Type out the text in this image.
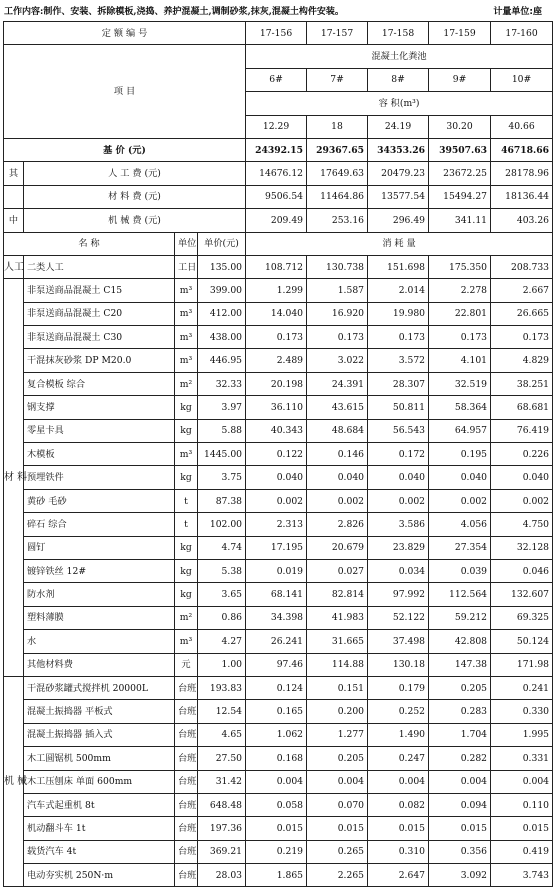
工作内容:制作、安装、拆除模板,浇捣、养护混凝土,调制砂浆,抹灰,混凝土构件安装。	计量单位:座
定 额 编 号				17-156	17-157	17-158	17-159	17-160
项 目				混凝土化粪池				
				6#	7#	8#	9#	10#
				容 积(m³)				
				12.29	18	24.19	30.20	40.66
基 价 (元)				24392.15	29367.65	34353.26	39507.63	46718.66
其	人 工 费 (元)			14676.12	17649.63	20479.23	23672.25	28178.96
	材 料 费 (元)			9506.54	11464.86	13577.54	15494.27	18136.44
中	机 械 费 (元)			209.49	253.16	296.49	341.11	403.26
名 称		单位	单价(元)	消 耗 量				
人工	二类人工	工日	135.00	108.712	130.738	151.698	175.350	208.733
材 料	非泵送商品混凝土 C15	m³	399.00	1.299	1.587	2.014	2.278	2.667
	非泵送商品混凝土 C20	m³	412.00	14.040	16.920	19.980	22.801	26.665
	非泵送商品混凝土 C30	m³	438.00	0.173	0.173	0.173	0.173	0.173
	干混抹灰砂浆 DP M20.0	m³	446.95	2.489	3.022	3.572	4.101	4.829
	复合模板 综合	m²	32.33	20.198	24.391	28.307	32.519	38.251
	钢支撑	kg	3.97	36.110	43.615	50.811	58.364	68.681
	零星卡具	kg	5.88	40.343	48.684	56.543	64.957	76.419
	木模板	m³	1445.00	0.122	0.146	0.172	0.195	0.226
	预埋铁件	kg	3.75	0.040	0.040	0.040	0.040	0.040
	黄砂 毛砂	t	87.38	0.002	0.002	0.002	0.002	0.002
	碎石 综合	t	102.00	2.313	2.826	3.586	4.056	4.750
	圆钉	kg	4.74	17.195	20.679	23.829	27.354	32.128
	镀锌铁丝 12#	kg	5.38	0.019	0.027	0.034	0.039	0.046
	防水剂	kg	3.65	68.141	82.814	97.992	112.564	132.607
	塑料薄膜	m²	0.86	34.398	41.983	52.122	59.212	69.325
	水	m³	4.27	26.241	31.665	37.498	42.808	50.124
	其他材料费	元	1.00	97.46	114.88	130.18	147.38	171.98
机 械	干混砂浆罐式搅拌机 20000L	台班	193.83	0.124	0.151	0.179	0.205	0.241
	混凝土振捣器 平板式	台班	12.54	0.165	0.200	0.252	0.283	0.330
	混凝土振捣器 插入式	台班	4.65	1.062	1.277	1.490	1.704	1.995
	木工圆锯机 500mm	台班	27.50	0.168	0.205	0.247	0.282	0.331
	木工压刨床 单面 600mm	台班	31.42	0.004	0.004	0.004	0.004	0.004
	汽车式起重机 8t	台班	648.48	0.058	0.070	0.082	0.094	0.110
	机动翻斗车 1t	台班	197.36	0.015	0.015	0.015	0.015	0.015
	载货汽车 4t	台班	369.21	0.219	0.265	0.310	0.356	0.419
	电动夯实机 250N·m	台班	28.03	1.865	2.265	2.647	3.092	3.743
